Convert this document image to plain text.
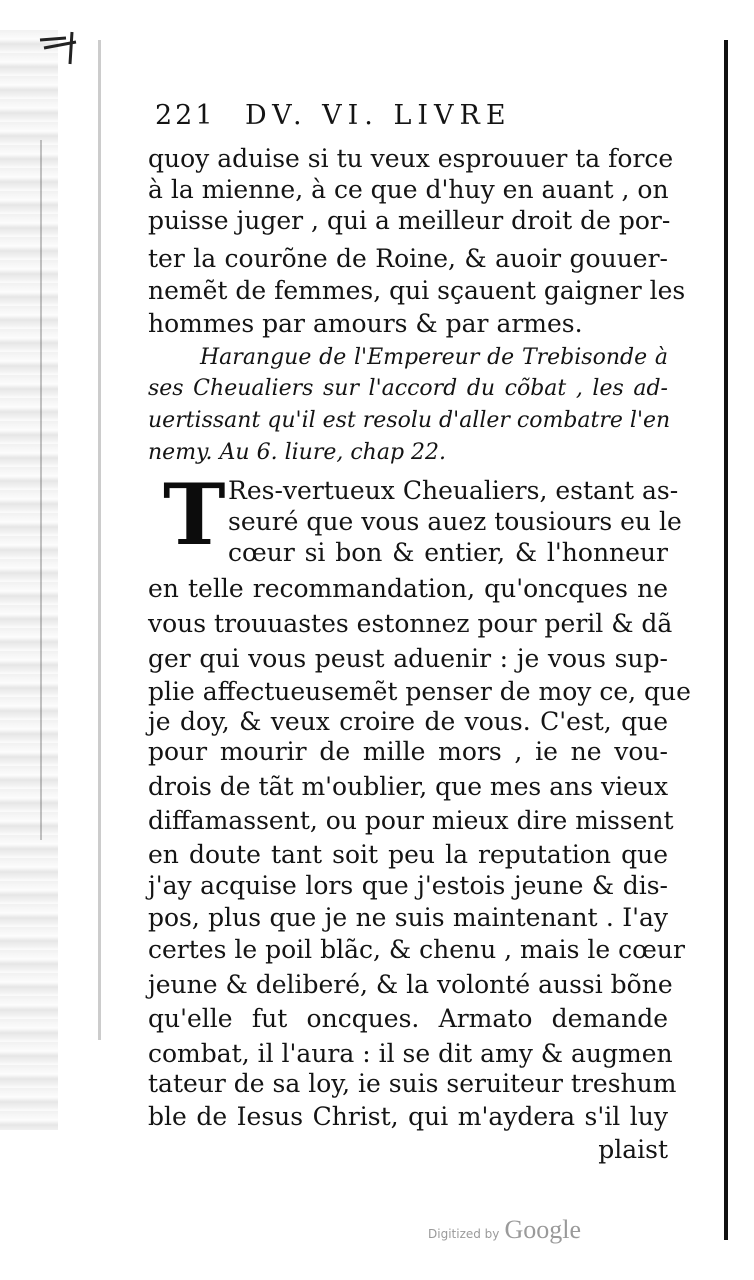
221 DV. VI. LIVRE
quoy aduise si tu veux esprouuer ta force
à la mienne, à ce que d'huy en auant , on
puisse juger , qui a meilleur droit de por-
ter la courõne de Roine, & auoir gouuer-
nemẽt de femmes, qui sçauent gaigner les
hommes par amours & par armes.
Harangue de l'Empereur de Trebisonde à
ses Cheualiers sur l'accord du cõbat , les ad-
uertissant qu'il est resolu d'aller combatre l'en
nemy. Au 6. liure, chap 22.
T Res-vertueux Cheualiers, estant as-
seuré que vous auez tousiours eu le
cœur si bon & entier, & l'honneur
en telle recommandation, qu'oncques ne
vous trouuastes estonnez pour peril & dã
ger qui vous peust aduenir : je vous sup-
plie affectueusemẽt penser de moy ce, que
je doy, & veux croire de vous. C'est, que
pour mourir de mille mors , ie ne vou-
drois de tãt m'oublier, que mes ans vieux
diffamassent, ou pour mieux dire missent
en doute tant soit peu la reputation que
j'ay acquise lors que j'estois jeune & dis-
pos, plus que je ne suis maintenant . I'ay
certes le poil blãc, & chenu , mais le cœur
jeune & deliberé, & la volonté aussi bõne
qu'elle fut oncques. Armato demande
combat, il l'aura : il se dit amy & augmen
tateur de sa loy, ie suis seruiteur treshum
ble de Iesus Christ, qui m'aydera s'il luy
plaist
Digitized by Google
